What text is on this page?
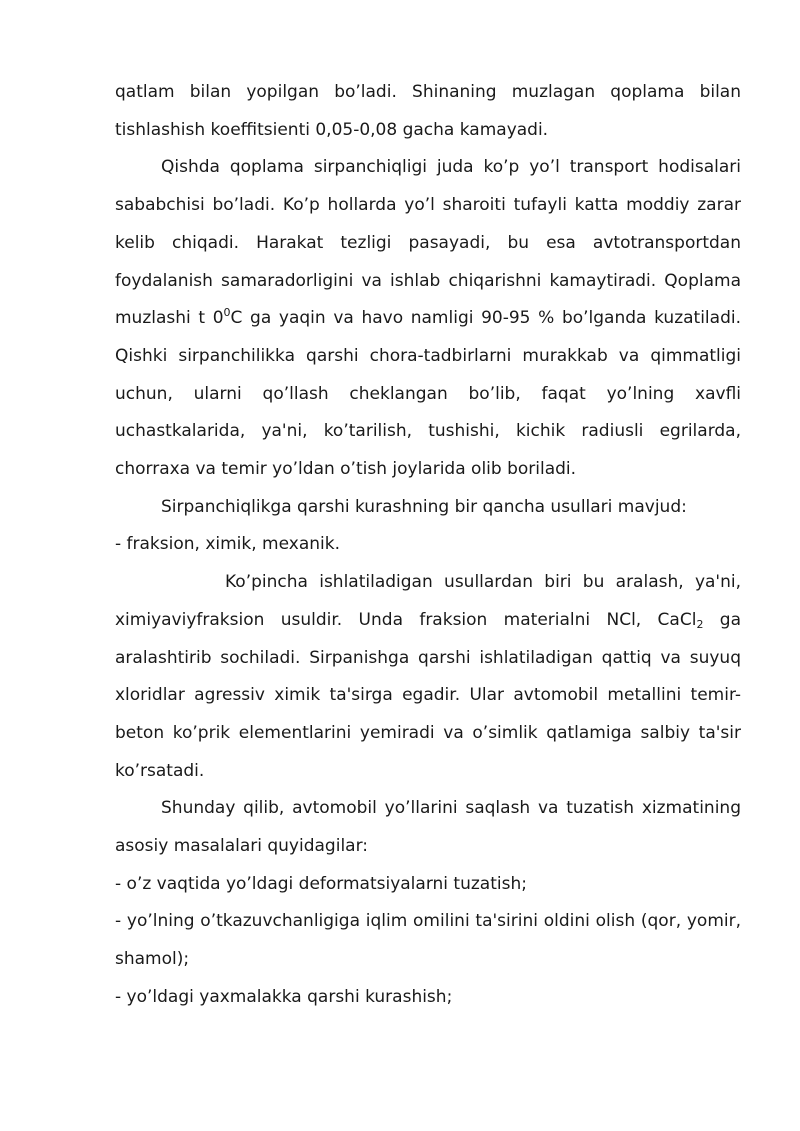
qatlam bilan yopilgan bo’ladi. Shinaning muzlagan qoplama bilan tishlashish koeffitsienti 0,05-0,08 gacha kamayadi.

Qishda qoplama sirpanchiqligi juda ko’p yo’l transport hodisalari sababchisi bo’ladi. Ko’p hollarda yo’l sharoiti tufayli katta moddiy zarar kelib chiqadi. Harakat tezligi pasayadi, bu esa avtotransportdan foydalanish samaradorligini va ishlab chiqarishni kamaytiradi. Qoplama muzlashi t $0^0C$ ga yaqin va havo namligi 90-95 % bo’lganda kuzatiladi. Qishki sirpanchilikka qarshi chora-tadbirlarni murakkab va qimmatligi uchun, ularni qo’llash cheklangan bo’lib, faqat yo’lning xavfli uchastkalarida, ya'ni, ko’tarilish, tushishi, kichik radiusli egrilarda, chorraxa va temir yo’ldan o’tish joylarida olib boriladi.

Sirpanchiqlikga qarshi kurashning bir qancha usullari mavjud:

- fraksion, ximik, mexanik.

Ko’pincha ishlatiladigan usullardan biri bu aralash, ya'ni, ximiyaviyfraksion usuldir. Unda fraksion materialni NCl, CaCl$_2$ ga aralashtirib sochiladi. Sirpanishga qarshi ishlatiladigan qattiq va suyuq xloridlar agressiv ximik ta'sirga egadir. Ular avtomobil metallini temir-beton ko’prik elementlarini yemiradi va o’simlik qatlamiga salbiy ta'sir ko’rsatadi.

Shunday qilib, avtomobil yo’llarini saqlash va tuzatish xizmatining asosiy masalalari quyidagilar:

- o’z vaqtida yo’ldagi deformatsiyalarni tuzatish;

- yo’lning o’tkazuvchanligiga iqlim omilini ta'sirini oldini olish (qor, yomir, shamol);

- yo’ldagi yaxmalakka qarshi kurashish;
